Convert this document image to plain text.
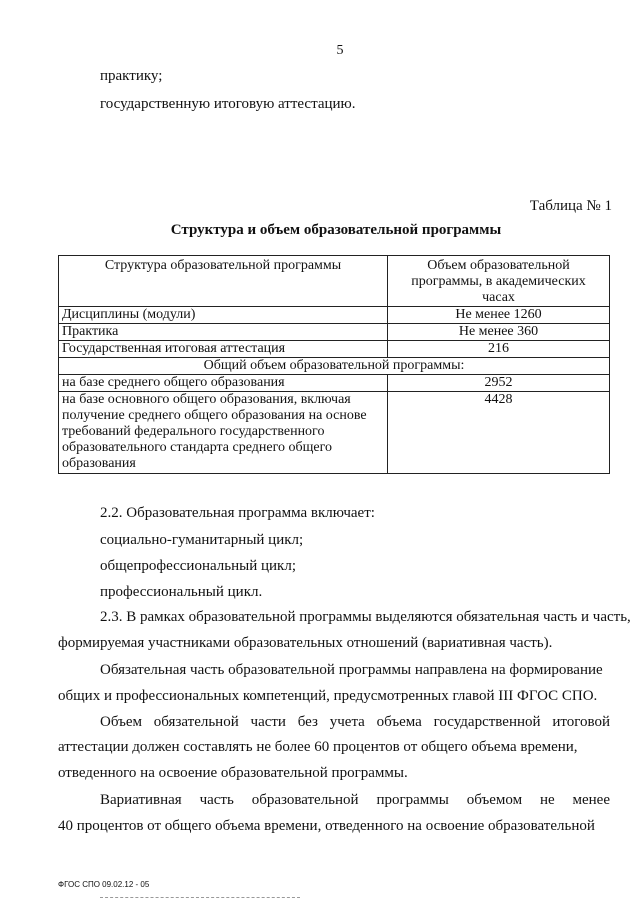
5
практику;
государственную итоговую аттестацию.
Таблица № 1
Структура и объем образовательной программы
Структура образовательной программы	Объем образовательной программы, в академических часах
Дисциплины (модули)	Не менее 1260
Практика	Не менее 360
Государственная итоговая аттестация	216
Общий объем образовательной программы:	
на базе среднего общего образования	2952
на базе основного общего образования, включая получение среднего общего образования на основе требований федерального государственного образовательного стандарта среднего общего образования	4428
2.2. Образовательная программа включает:
социально-гуманитарный цикл;
общепрофессиональный цикл;
профессиональный цикл.
2.3. В рамках образовательной программы выделяются обязательная часть и часть,
формируемая участниками образовательных отношений (вариативная часть).
Обязательная часть образовательной программы направлена на формирование
общих и профессиональных компетенций, предусмотренных главой III ФГОС СПО.
Объем обязательной части без учета объема государственной итоговой
аттестации должен составлять не более 60 процентов от общего объема времени,
отведенного на освоение образовательной программы.
Вариативная часть образовательной программы объемом не менее
40 процентов от общего объема времени, отведенного на освоение образовательной
ФГОС СПО 09.02.12 - 05
